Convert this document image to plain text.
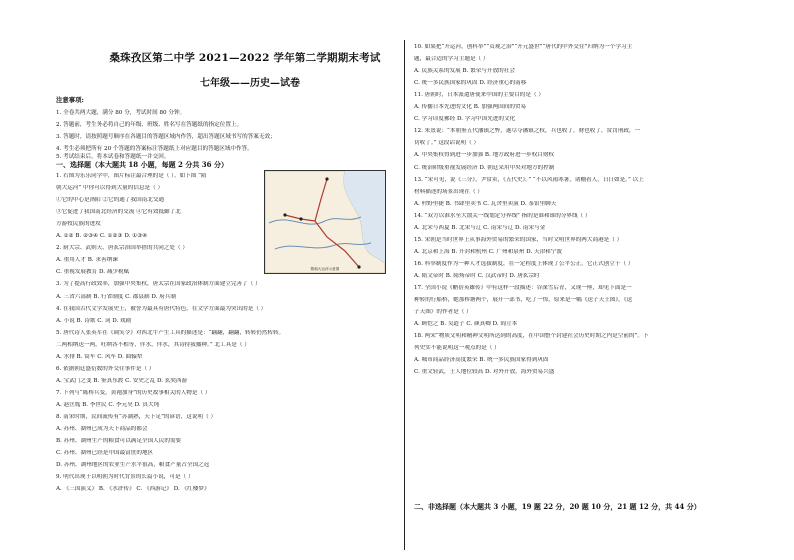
桑珠孜区第二中学 2021—2022 学年第二学期期末考试
七年级——历史—试卷
注意事项:
1. 全卷共两大题，满分 80 分，考试时间 80 分钟。
2. 答题前，考生务必将自己的年级、班级、姓名写在答题纸的指定位置上。
3. 答题时，请按照题号顺序在各题目的答题区域内作答，超出答题区域书写的答案无效；
4. 考生必须把所有 20 个答题的答案标注答题纸上对应题目的答题区域中作答。
5. 考试结束后，将本试卷和答题纸一并交回。
一、选择题（本大题共 18 小题，每题 2 分共 36 分）
1. 右图为乐乐同学中，图片标注最合理的是（ ）。如下图 “隋
朝大运河” 中你可以得到大量的信息是（ ）
①它的中心是洛阳 ②它的通了我国南北交通
③它促进了我国南北经济的交流 ④它有效抵御了北
方游牧民族的进攻
A. ①② B. ②③④ C. ①②③ D. ①③④
2. 厨大宗、武则天、唐玄宗治国举措的共同之处（ ）
A. 重用人才 B. 求善纳谏
C. 重视发展教育 D. 减少税赋
3. 为了提高行政效率，加强中央集权，唐太宗在国家政治体制方面建立完善了（ ）
A. 三省六部制 B. 行省制度 C. 郡县制 D. 府兵制
4. 在我国古代文学发展史上，被誉为最具有唐代特色，在文学方面最为突出的是（ ）
A. 小说 B. 诗歌 C. 词 D. 戏剧
5. 唐代诗人张英军在《调笑令》对西北牛产生工具的描述是：“翻翻，翻翻，转转仍然转转。
二两相纳送一两，吐纳各不相等，伴水，伴水，其诗持我播种。” 北工具是（ ）
A. 水排 B. 筒车 C. 风车 D. 曲辕犁
6. 依据朝廷盛衍数的外交往事件是（ ）
A. 宝武门之变 B. 鉴真东渡 C. 安史之乱 D. 玄奘西游
7. 下列与“陈桥兵变，黄袍加身”的历史故事相关的人物是（ ）
A. 赵匡胤 B. 李世民 C. 李元昊 D. 真大纯
8. 南宋时期，民间流传有“苏湖熟，天下足”的谚语，这说明（ ）
A. 苏州、湖州已成为天下商品的都会
B. 苏州、湖州生产的粮食可以满足全国人民的需要
C. 苏州、湖州已经是中国最富庶的地区
D. 苏州、湖州地区的农业生产水平很高，粮食产量占全国之冠
9. 明代出现于以明朝为时代背景的长篇小说，可是（ ）
A. 《三国演义》 B. 《水浒传》 C. 《西游记》 D. 《红楼梦》
隋朝大运河示意图
10. 如果把“开运河，创科举”“贞观之治”“开元盛世”“唐代的中外交往”归纳为一个学习主
题，最合适的学习主题是（ ）
A. 民族关系的发展 B. 繁荣与开放的社会
C. 统一多民族国家的巩固 D. 经济重心的南移
11. 唐朝时，日本派遣唐使来中国的主要目的是（ ）
A. 传播日本先进的文化 B. 加强两国间的贸易
C. 学习印度佛经 D. 学习中国先进的文化
12. 朱熹说：“本朝鉴五代藩镇之弊，遂尽夺藩镇之权，兵也收了，财也收了，赏罚刑政，一
切收了。” 这段话说明（ ）
A. 中央集权得到进一步加强 B. 地方政府进一步权目财权
C. 统治阶级重视发展经济 D. 朝廷采用中央对地方的控制
13. “宋可见，说《三分》，尹常卖，《五代史》。” “不以风雨寒暑，诸棚看人，日日如是。” 以上
材料描述的场景出现在（ ）
A. 村野里捷 B. 书肆里卖书 C. 瓦舍里卖演 D. 茶馆里聊天
14. “双方以淮水至大散关一线划定分界线” 指的是谁和谁的分界线（ ）
A. 北宋与西夏 B. 北宋与辽 C. 南宋与辽 D. 南宋与金
15. 宋朝是当时世界上从事海外贸易的繁荣的国家，当时文明世界的两大商港是（ ）
A. 北京和上海 B. 开封和杭州 C. 广州和泉州 D. 天津和宁波
16. 科举制度作为一种人才选拔制度，在一定程度上体现了公平公正。它正式创立于（ ）
A. 隋文帝时 B. 隋炀帝时 C. 汉武帝时 D. 唐玄宗时
17. 全国小说《醋蓓英雄传》中有这样一段描述：谷深雪后青，又现一座，却见下面是一
种转的行船桥，她那桥塘两个，展开一部书，吃了一惊，原来是一幅《送子天王图》。《送
子天图》的作者是（ ）
A. 顾恺之 B. 吴道子 C. 颜真卿 D. 阎立本
18. 两宋“物质文明和精神文明所达到的高度，在中国整个封建社会历史时期之内是空前的”。下
列史实不能说明这一观点的是（ ）
A. 城市商品经济高度繁荣 B. 统一多民族国家得到巩固
C. 重文轻武，士人地位较高 D. 对外开放，海外贸易兴盛
二、非选择题（本大题共 3 小题，19 题 22 分，20 题 10 分，21 题 12 分，共 44 分）
